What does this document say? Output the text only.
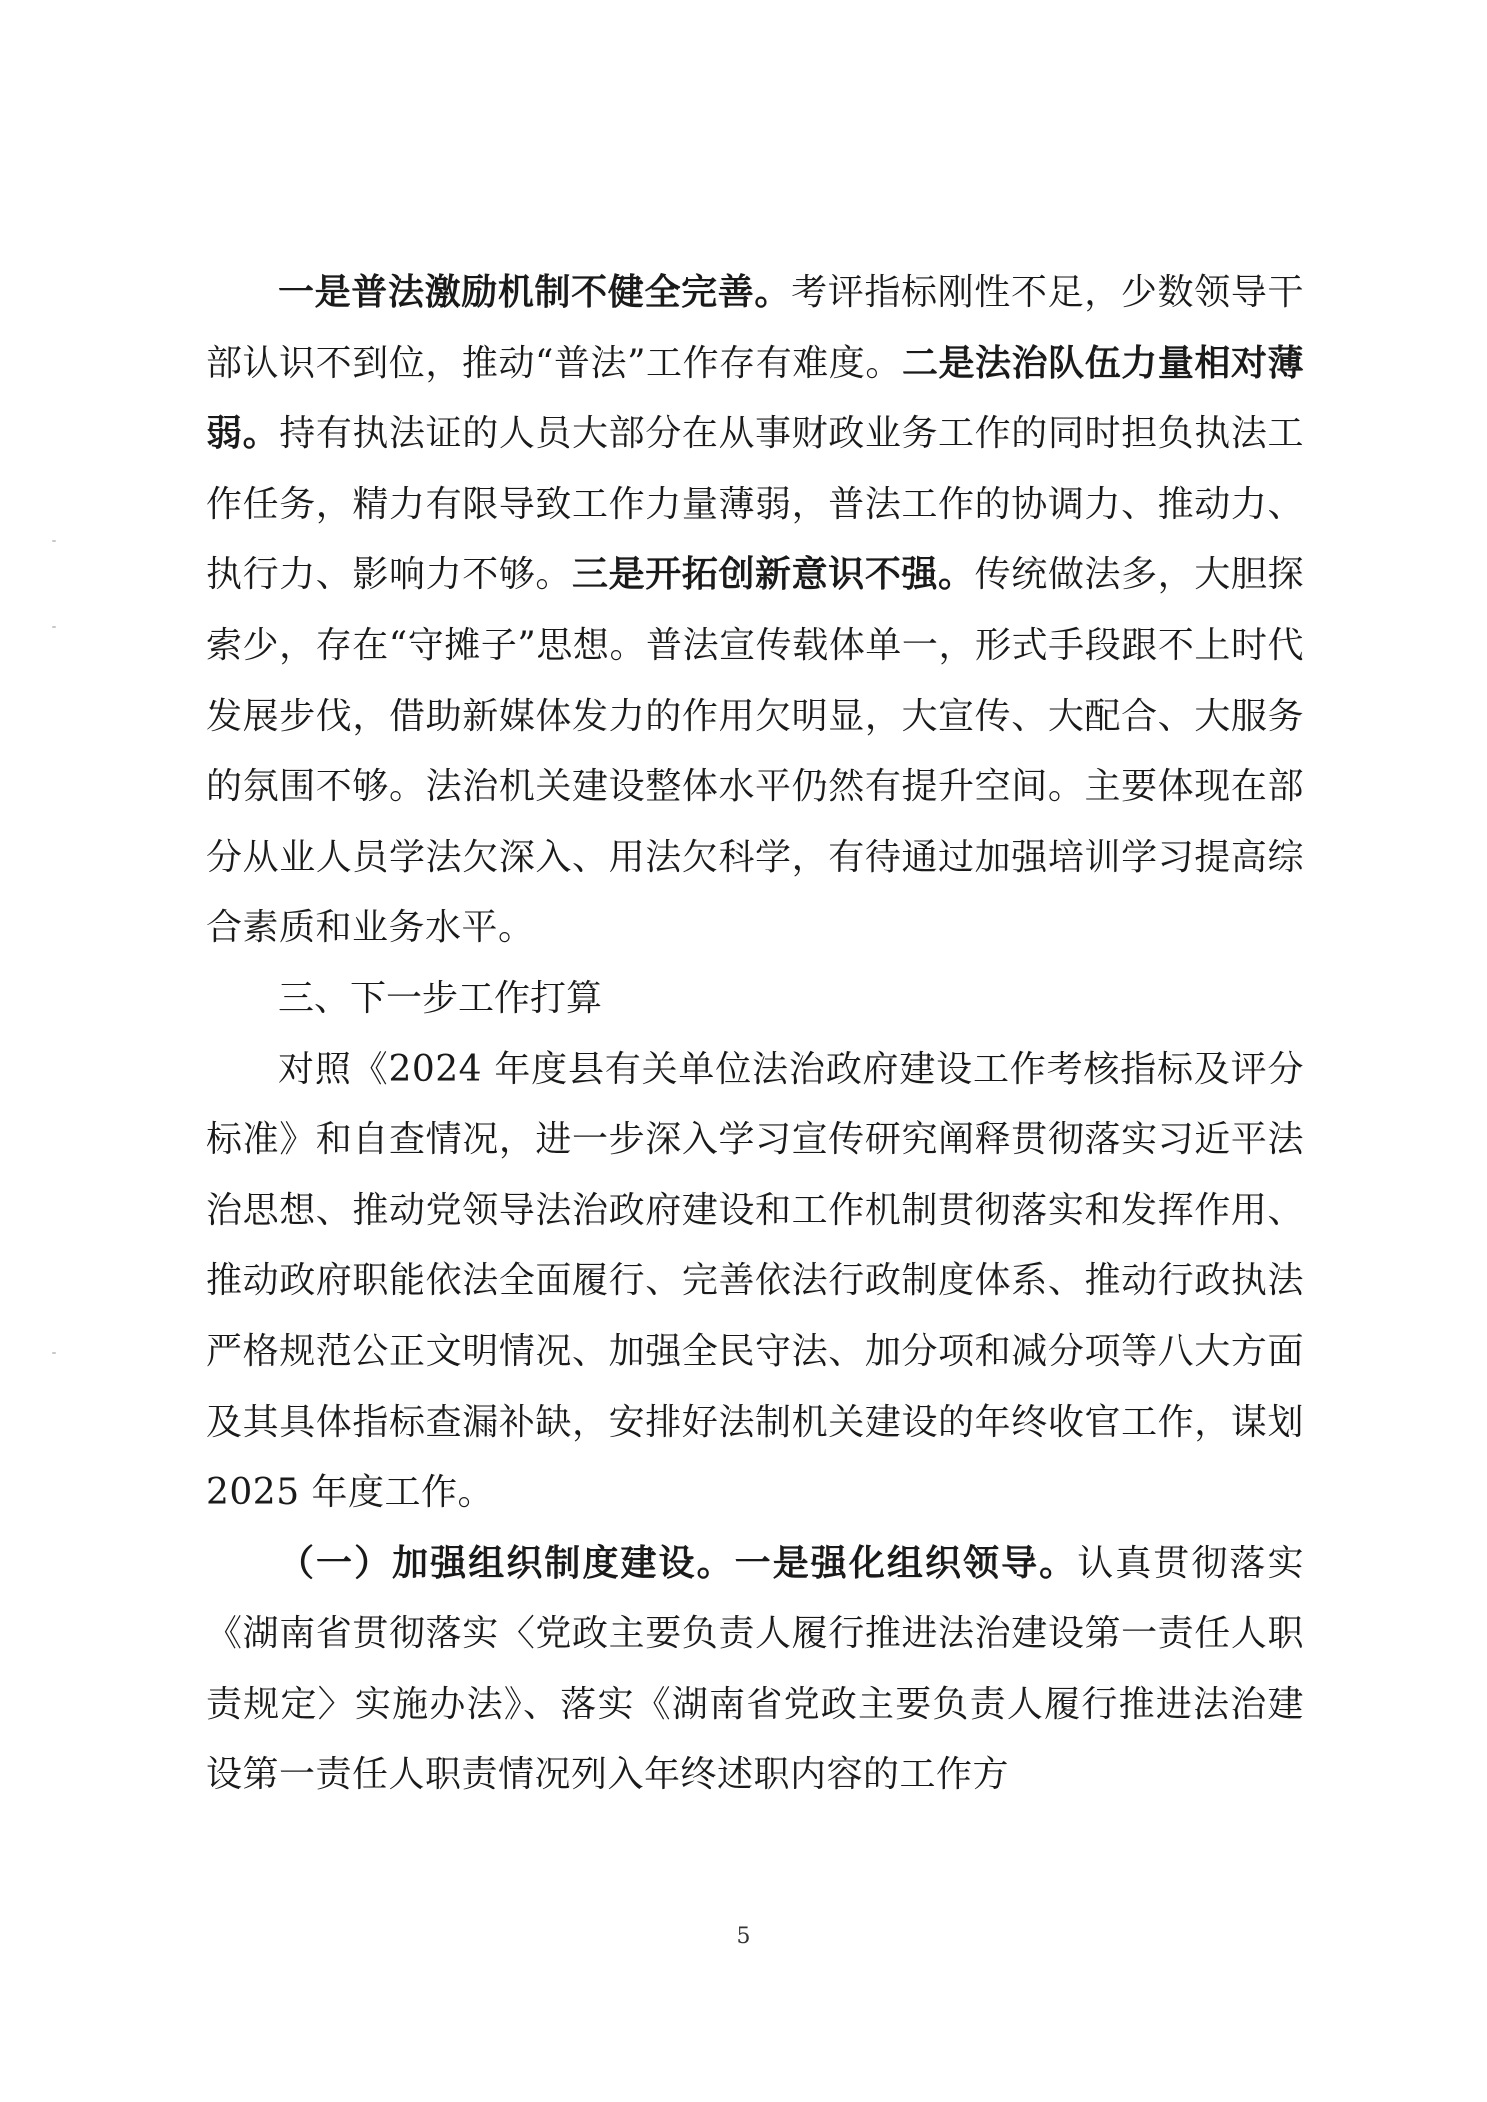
一是普法激励机制不健全完善。考评指标刚性不足，少数领导干部认识不到位，推动“普法”工作存有难度。二是法治队伍力量相对薄弱。持有执法证的人员大部分在从事财政业务工作的同时担负执法工作任务，精力有限导致工作力量薄弱，普法工作的协调力、推动力、执行力、影响力不够。三是开拓创新意识不强。传统做法多，大胆探索少，存在“守摊子”思想。普法宣传载体单一，形式手段跟不上时代发展步伐，借助新媒体发力的作用欠明显，大宣传、大配合、大服务的氛围不够。法治机关建设整体水平仍然有提升空间。主要体现在部分从业人员学法欠深入、用法欠科学，有待通过加强培训学习提高综合素质和业务水平。

三、下一步工作打算

对照《2024 年度县有关单位法治政府建设工作考核指标及评分标准》和自查情况，进一步深入学习宣传研究阐释贯彻落实习近平法治思想、推动党领导法治政府建设和工作机制贯彻落实和发挥作用、推动政府职能依法全面履行、完善依法行政制度体系、推动行政执法严格规范公正文明情况、加强全民守法、加分项和减分项等八大方面及其具体指标查漏补缺，安排好法制机关建设的年终收官工作，谋划 2025 年度工作。

（一）加强组织制度建设。一是强化组织领导。认真贯彻落实《湖南省贯彻落实〈党政主要负责人履行推进法治建设第一责任人职责规定〉实施办法》、落实《湖南省党政主要负责人履行推进法治建设第一责任人职责情况列入年终述职内容的工作方

5
